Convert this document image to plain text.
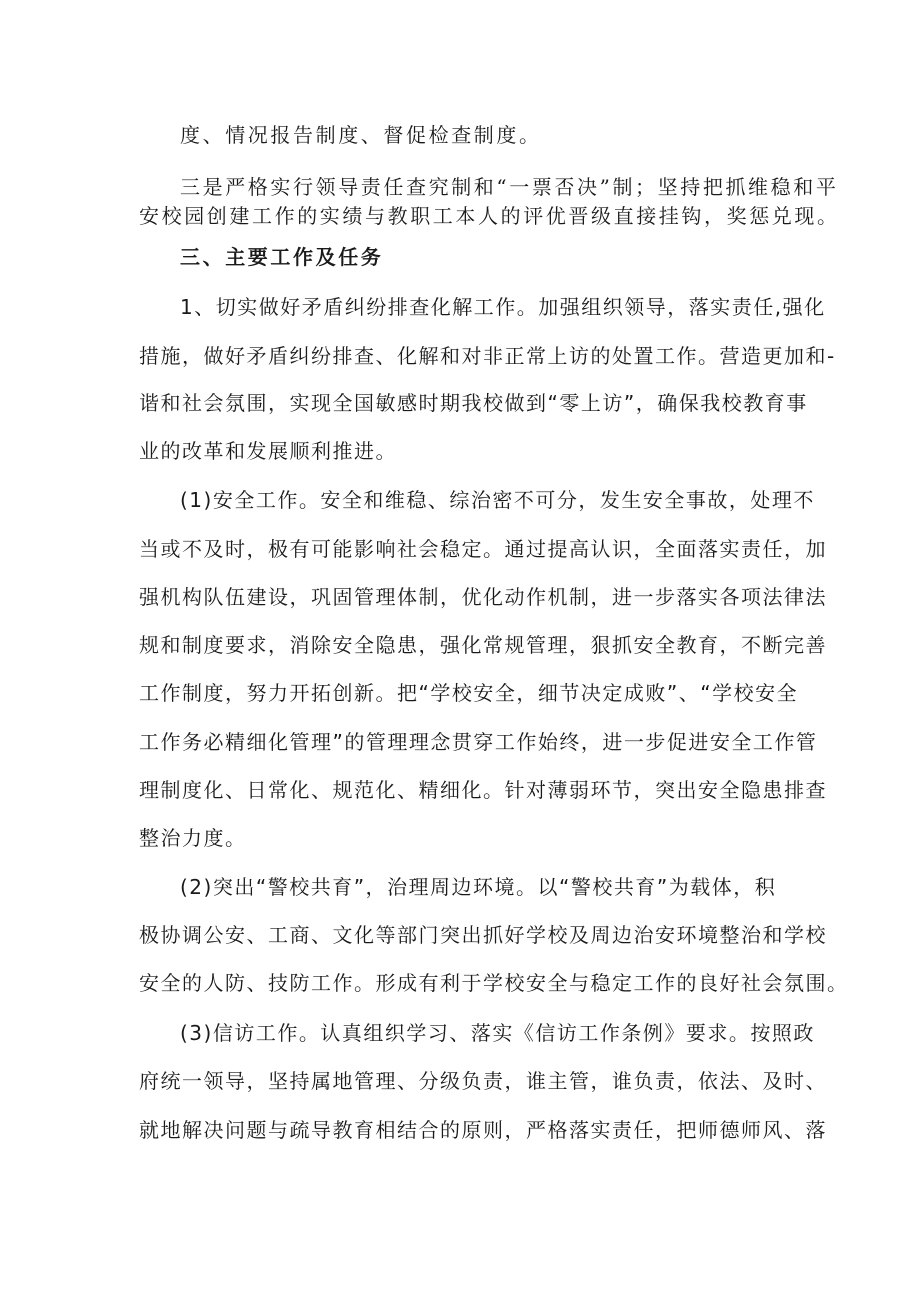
度、情况报告制度、督促检查制度。

三是严格实行领导责任查究制和“一票否决”制；坚持把抓维稳和平

安校园创建工作的实绩与教职工本人的评优晋级直接挂钩，奖惩兑现。

三、主要工作及任务

1、切实做好矛盾纠纷排查化解工作。加强组织领导，落实责任,强化

措施，做好矛盾纠纷排查、化解和对非正常上访的处置工作。营造更加和-

谐和社会氛围，实现全国敏感时期我校做到“零上访”，确保我校教育事

业的改革和发展顺利推进。

(1)安全工作。安全和维稳、综治密不可分，发生安全事故，处理不

当或不及时，极有可能影响社会稳定。通过提高认识，全面落实责任，加

强机构队伍建设，巩固管理体制，优化动作机制，进一步落实各项法律法

规和制度要求，消除安全隐患，强化常规管理，狠抓安全教育，不断完善

工作制度，努力开拓创新。把“学校安全，细节决定成败”、“学校安全

工作务必精细化管理”的管理理念贯穿工作始终，进一步促进安全工作管

理制度化、日常化、规范化、精细化。针对薄弱环节，突出安全隐患排查

整治力度。

(2)突出“警校共育”，治理周边环境。以“警校共育”为载体，积

极协调公安、工商、文化等部门突出抓好学校及周边治安环境整治和学校

安全的人防、技防工作。形成有利于学校安全与稳定工作的良好社会氛围。

(3)信访工作。认真组织学习、落实《信访工作条例》要求。按照政

府统一领导，坚持属地管理、分级负责，谁主管，谁负责，依法、及时、

就地解决问题与疏导教育相结合的原则，严格落实责任，把师德师风、落
